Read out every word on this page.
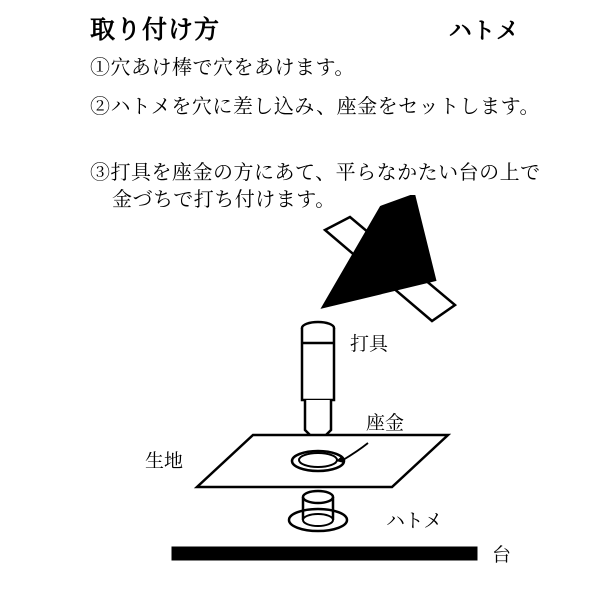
取り付け方	ハトメ
①穴あけ棒で穴をあけます。
②ハトメを穴に差し込み、座金をセットします。

③打具を座金の方にあて、平らなかたい台の上で

金づちで打ち付けます。

打具
座金
生地
ハトメ
台
